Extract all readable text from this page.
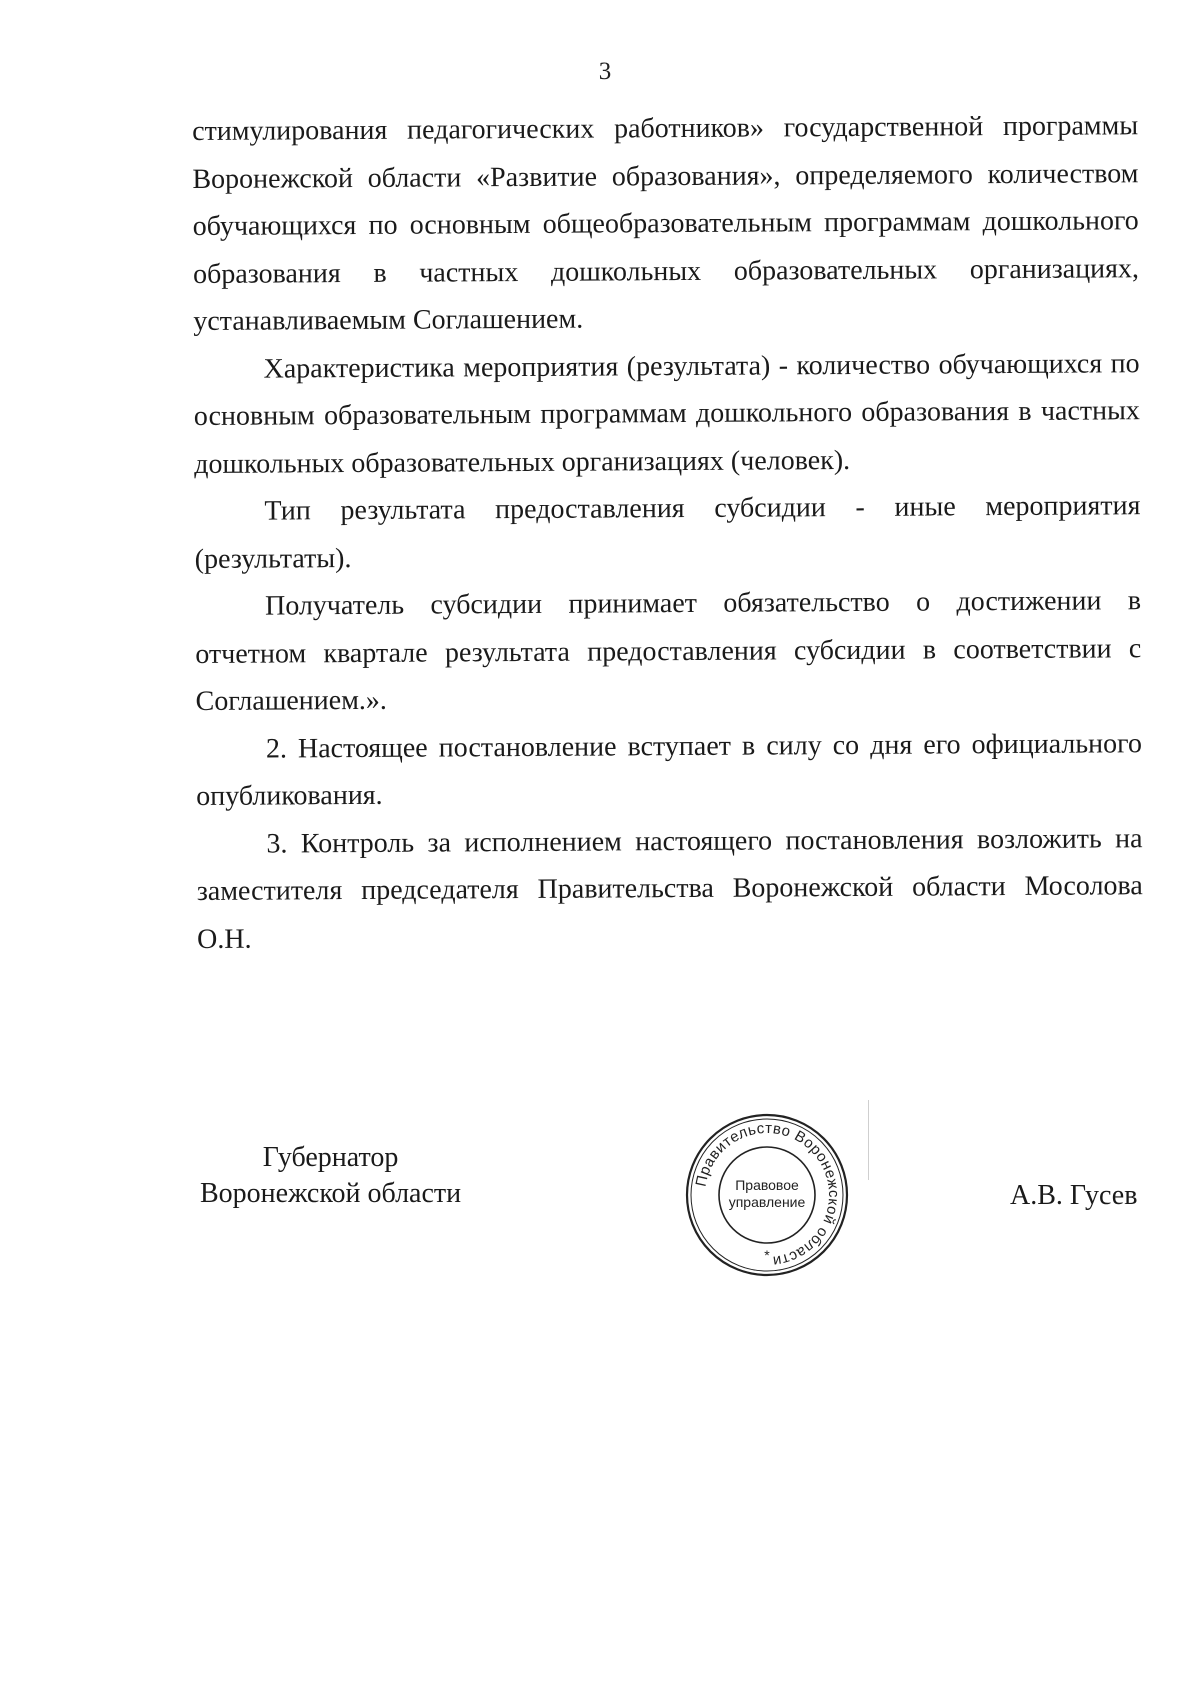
3

стимулирования педагогических работников» государственной программы Воронежской области «Развитие образования», определяемого количеством обучающихся по основным общеобразовательным программам дошкольного образования в частных дошкольных образовательных организациях, устанавливаемым Соглашением.

Характеристика мероприятия (результата) - количество обучающихся по основным образовательным программам дошкольного образования в частных дошкольных образовательных организациях (человек).

Тип результата предоставления субсидии - иные мероприятия (результаты).

Получатель субсидии принимает обязательство о достижении в отчетном квартале результата предоставления субсидии в соответствии с Соглашением.».

2. Настоящее постановление вступает в силу со дня его официального опубликования.

3. Контроль за исполнением настоящего постановления возложить на заместителя председателя Правительства Воронежской области Мосолова О.Н.

Губернатор
Воронежской области	Правительство Воронежской области
Правовое
управление
*
А.В. Гусев
